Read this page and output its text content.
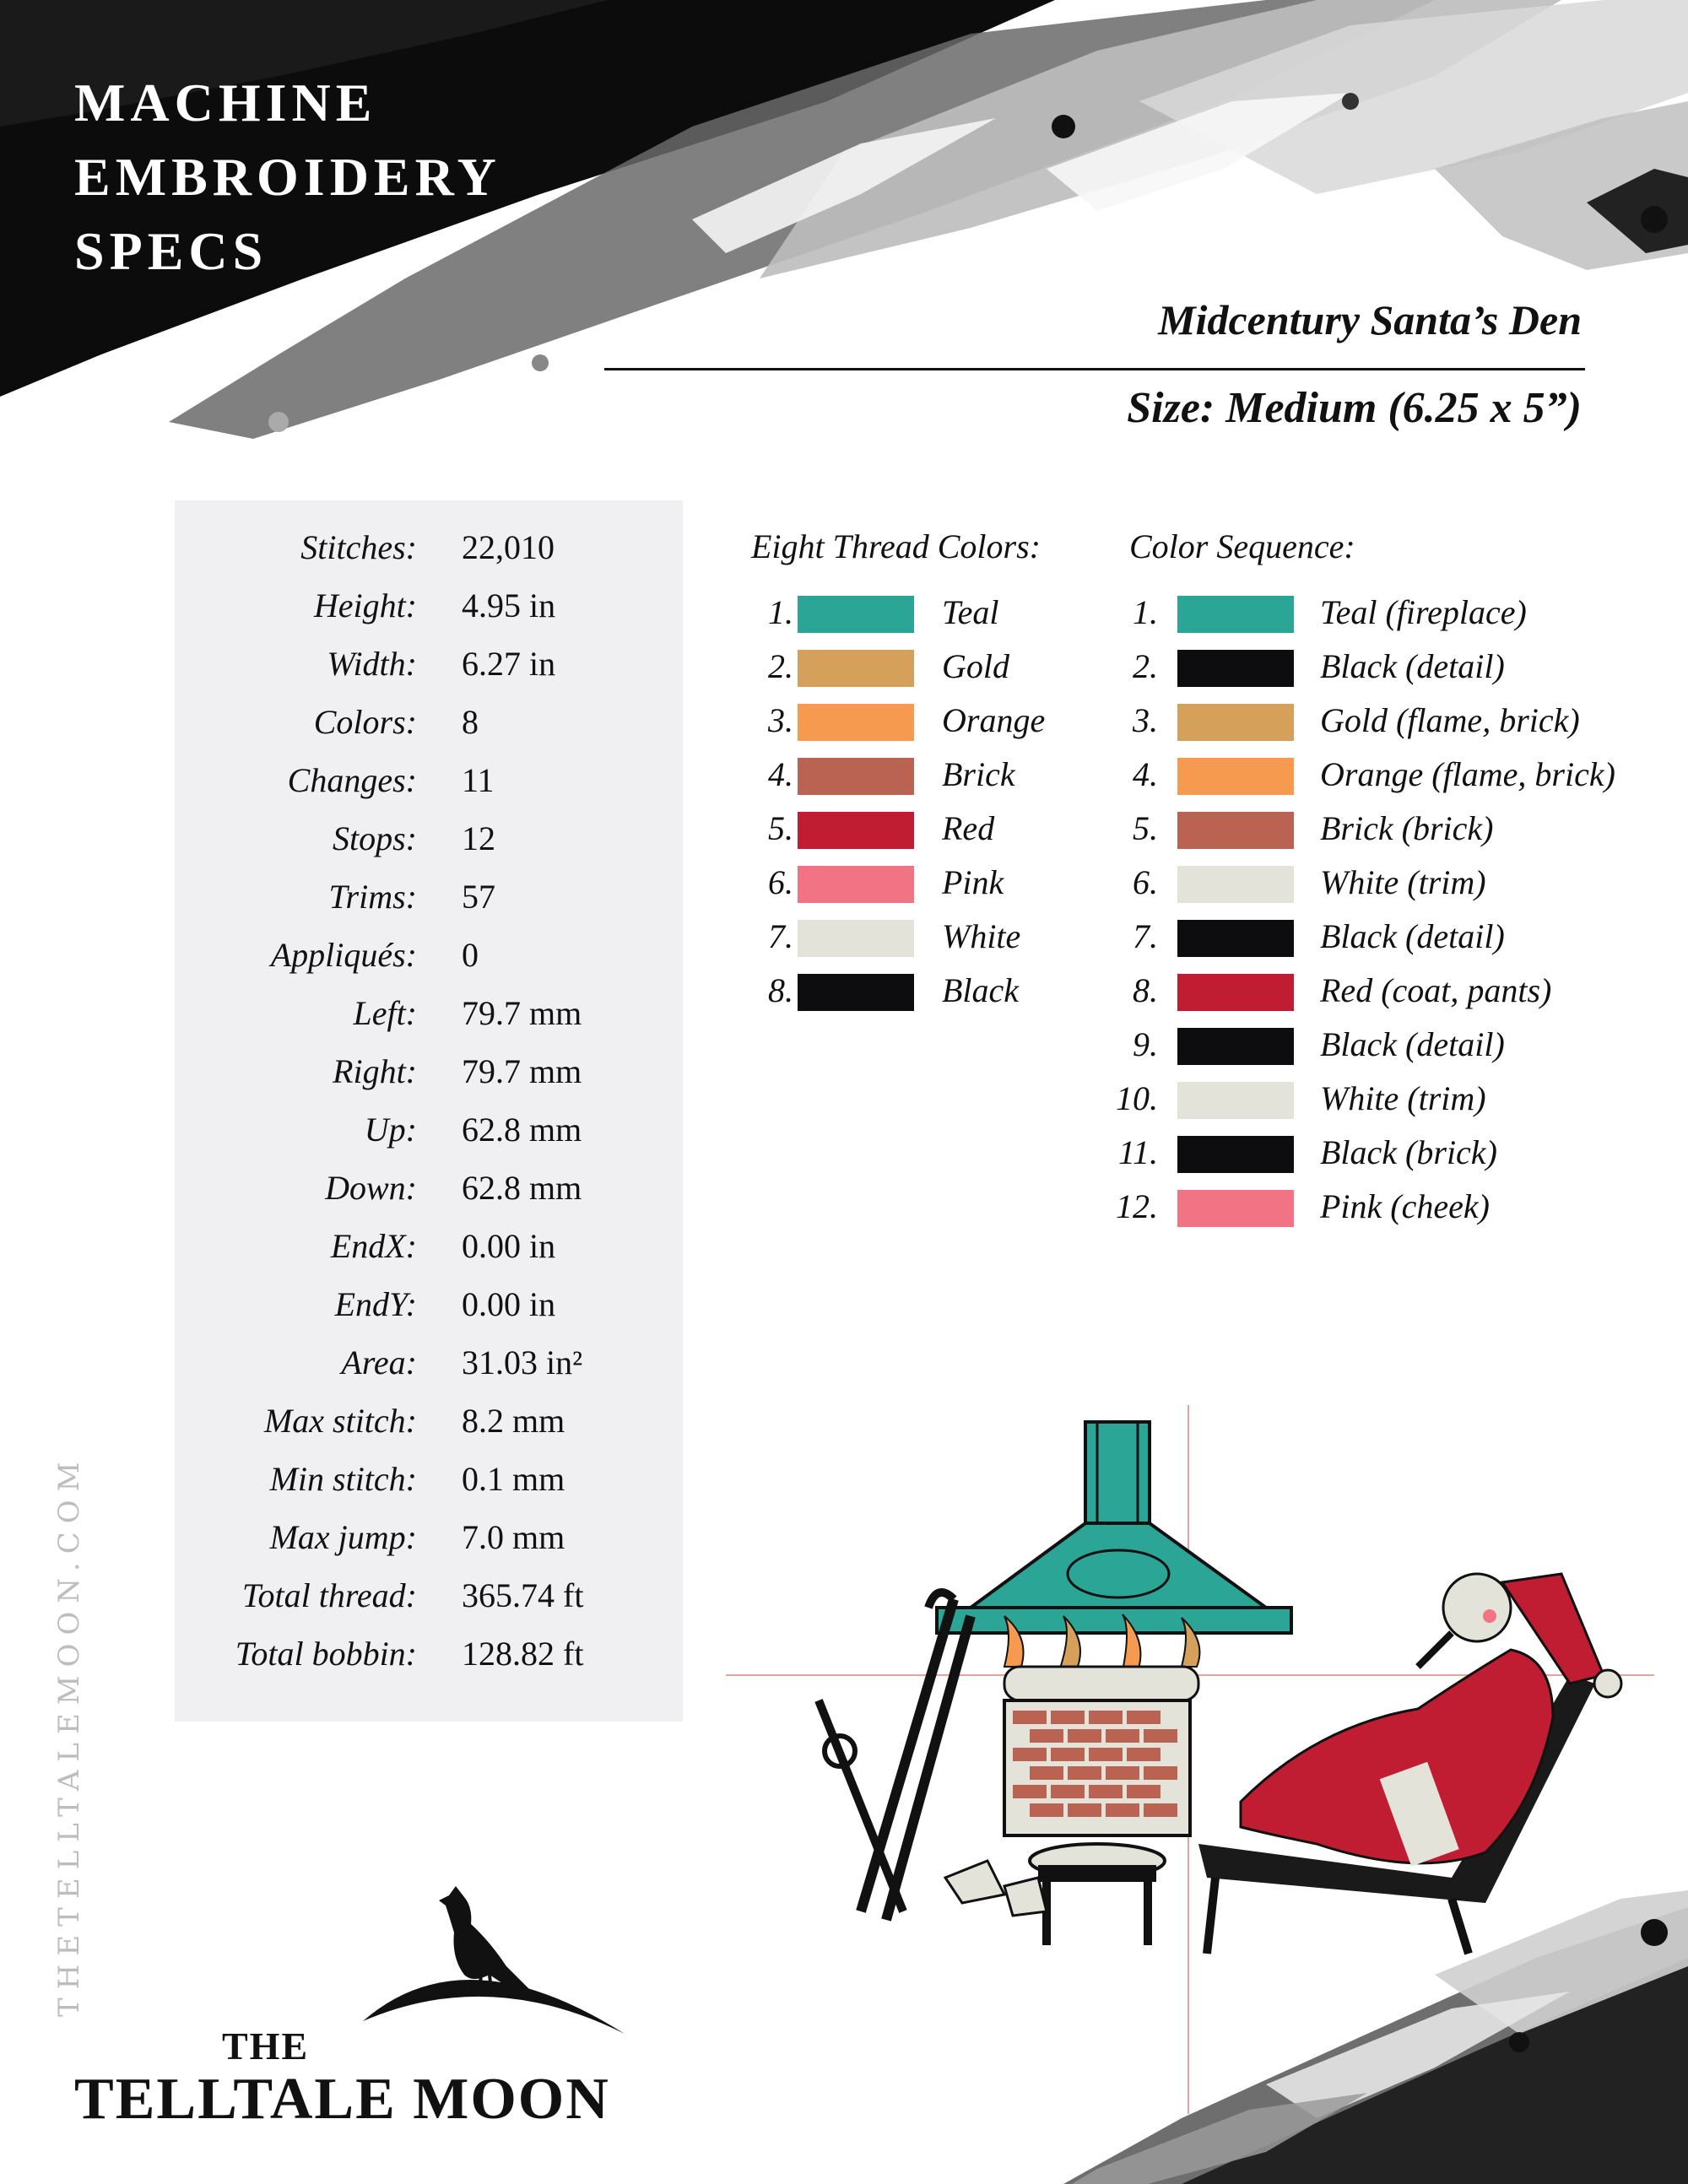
MACHINE
EMBROIDERY
SPECS
Midcentury Santa’s Den
Size: Medium (6.25 x 5”)
Stitches: 22,010
Height: 4.95 in
Width: 6.27 in
Colors: 8
Changes: 11
Stops: 12
Trims: 57
Appliqués: 0
Left: 79.7 mm
Right: 79.7 mm
Up: 62.8 mm
Down: 62.8 mm
EndX: 0.00 in
EndY: 0.00 in
Area: 31.03 in²
Max stitch: 8.2 mm
Min stitch: 0.1 mm
Max jump: 7.0 mm
Total thread: 365.74 ft
Total bobbin: 128.82 ft
Eight Thread Colors:
1.	Teal
2.	Gold
3.	Orange
4.	Brick
5.	Red
6.	Pink
7.	White
8.	Black
Color Sequence:
1.	Teal (fireplace)
2.	Black (detail)
3.	Gold (flame, brick)
4.	Orange (flame, brick)
5.	Brick (brick)
6.	White (trim)
7.	Black (detail)
8.	Red (coat, pants)
9.	Black (detail)
10.	White (trim)
11.	Black (brick)
12.	Pink (cheek)
THETELLTALEMOON.COM
THE
TELLTALE MOON
